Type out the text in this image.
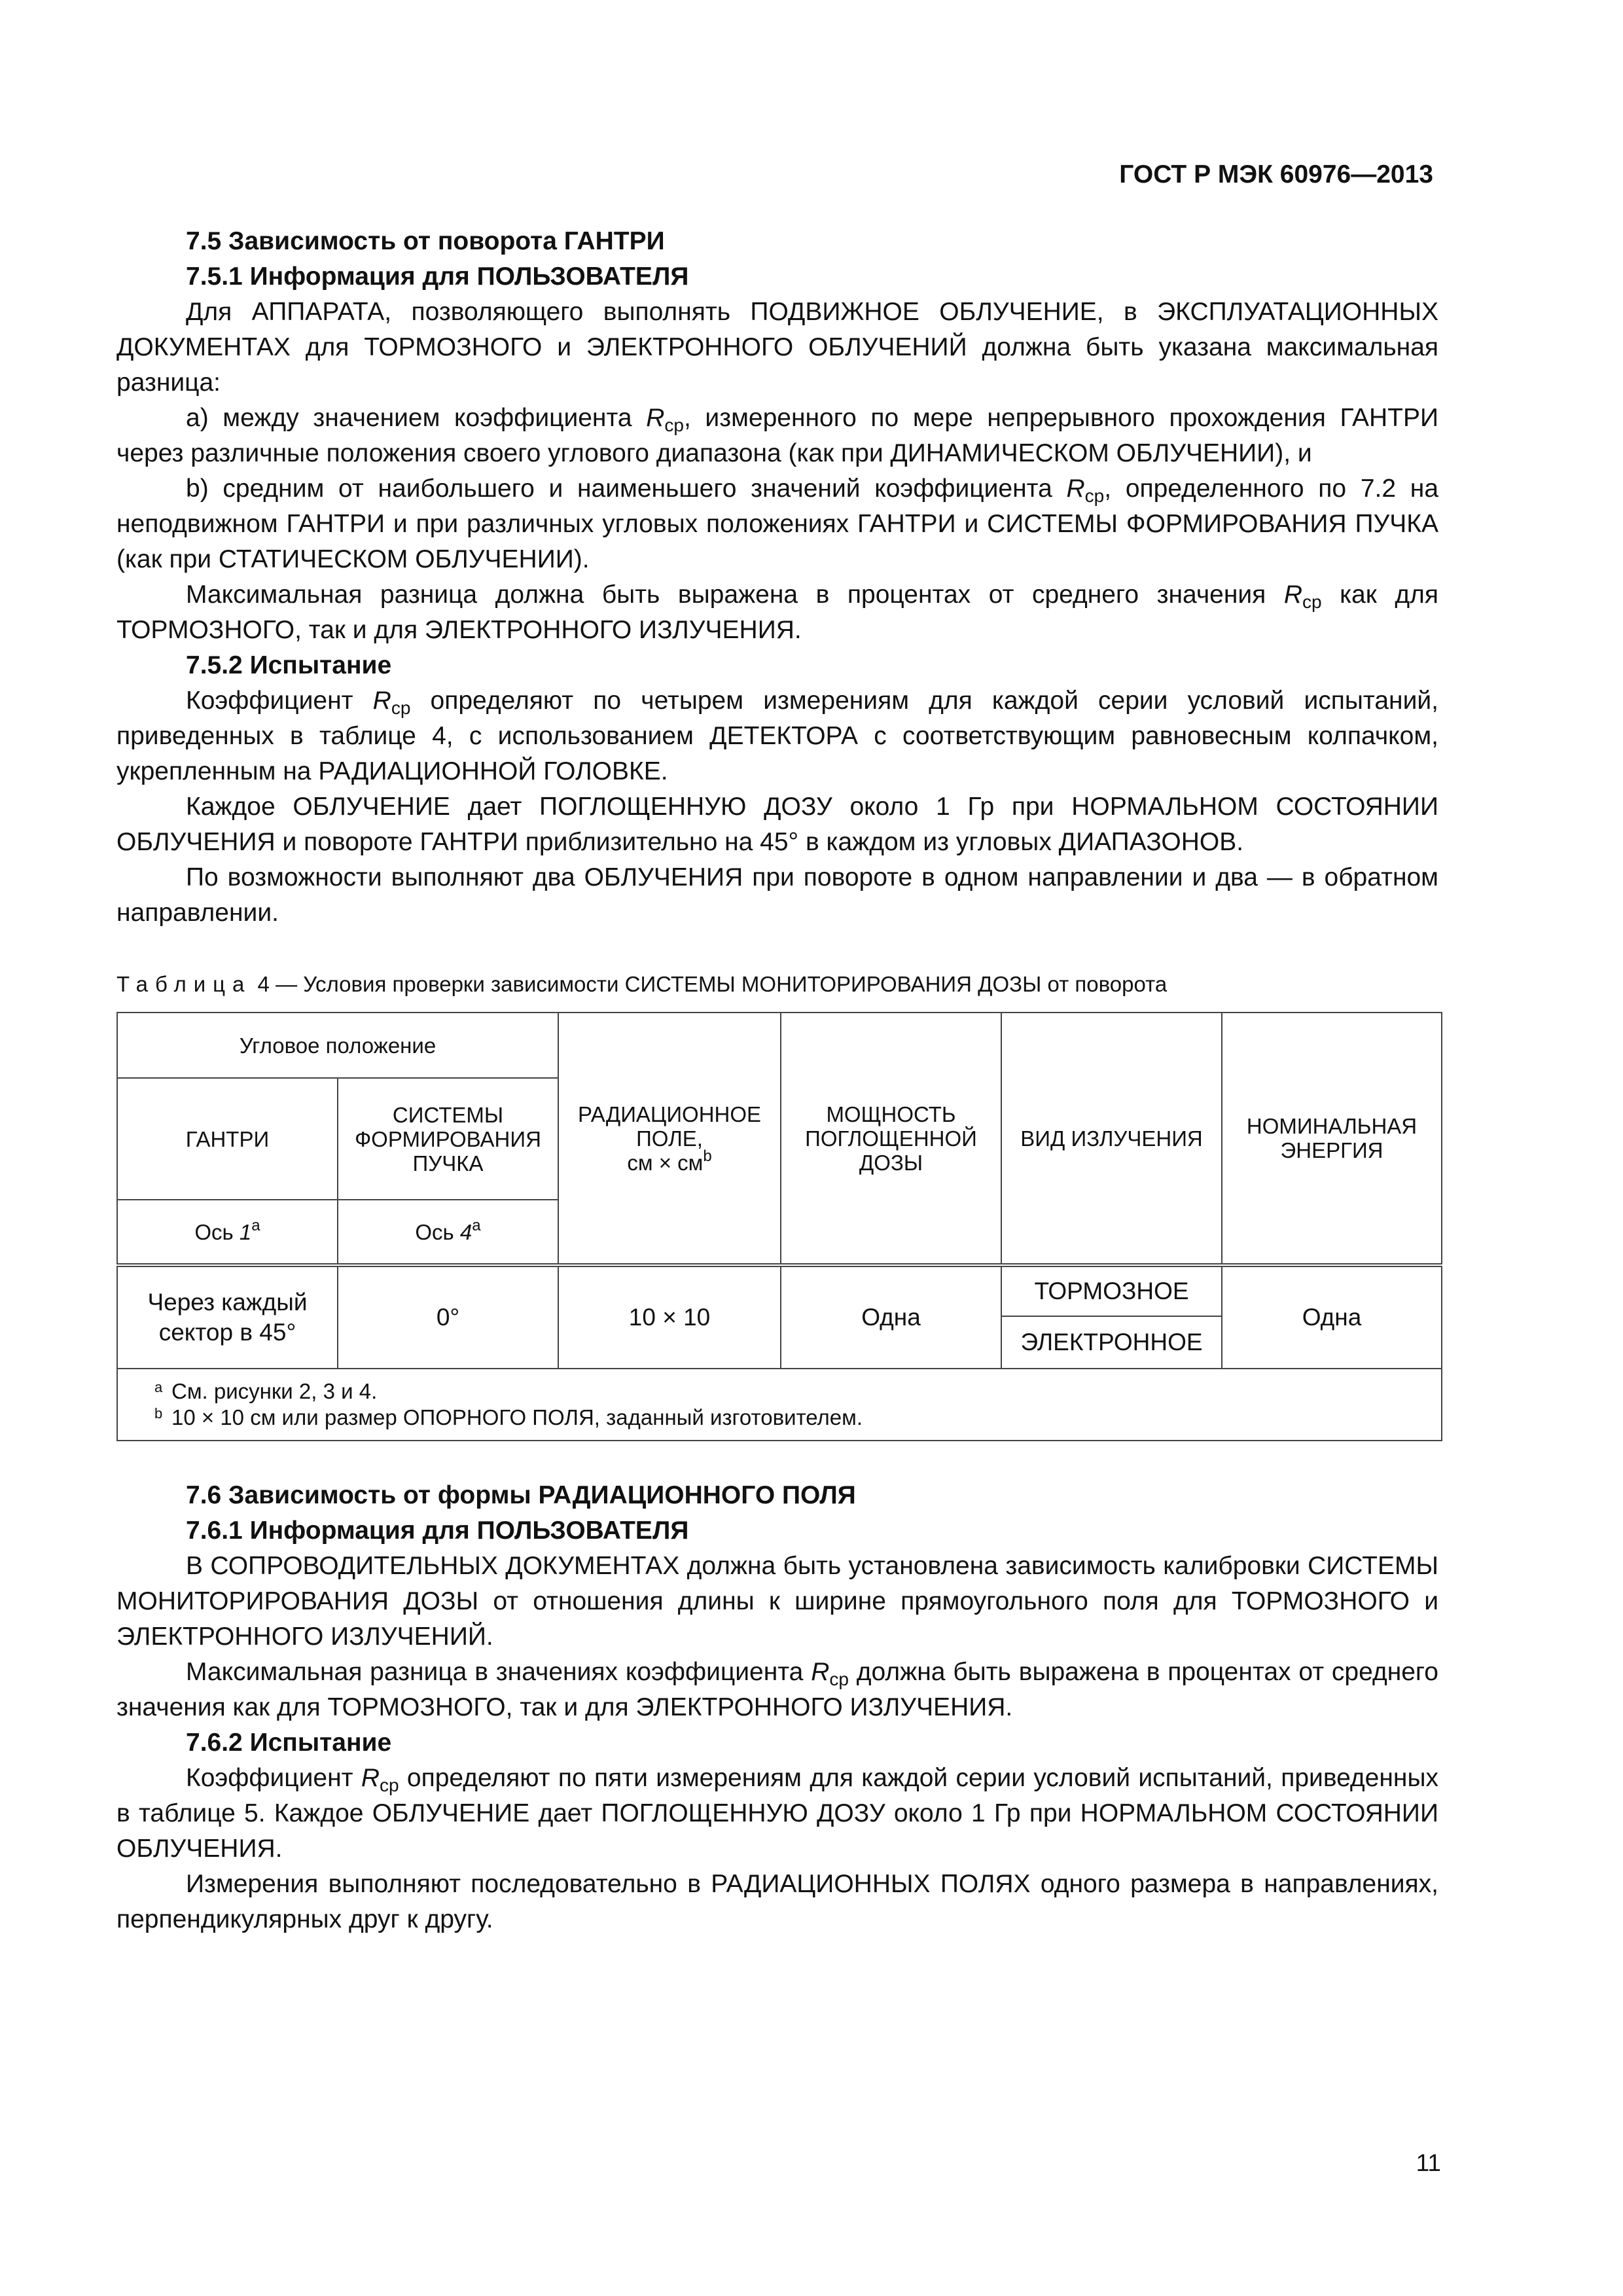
ГОСТ Р МЭК 60976—2013

7.5 Зависимость от поворота ГАНТРИ

7.5.1 Информация для ПОЛЬЗОВАТЕЛЯ

Для АППАРАТА, позволяющего выполнять ПОДВИЖНОЕ ОБЛУЧЕНИЕ, в ЭКСПЛУАТАЦИОННЫХ ДОКУМЕНТАХ для ТОРМОЗНОГО и ЭЛЕКТРОННОГО ОБЛУЧЕНИЙ должна быть указана максимальная разница:

a) между значением коэффициента $R_{ср}$, измеренного по мере непрерывного прохождения ГАНТРИ через различные положения своего углового диапазона (как при ДИНАМИЧЕСКОМ ОБЛУЧЕНИИ), и

b) средним от наибольшего и наименьшего значений коэффициента $R_{ср}$, определенного по 7.2 на неподвижном ГАНТРИ и при различных угловых положениях ГАНТРИ и СИСТЕМЫ ФОРМИРОВАНИЯ ПУЧКА (как при СТАТИЧЕСКОМ ОБЛУЧЕНИИ).

Максимальная разница должна быть выражена в процентах от среднего значения $R_{ср}$ как для ТОРМОЗНОГО, так и для ЭЛЕКТРОННОГО ИЗЛУЧЕНИЯ.

7.5.2 Испытание

Коэффициент $R_{ср}$ определяют по четырем измерениям для каждой серии условий испытаний, приведенных в таблице 4, с использованием ДЕТЕКТОРА с соответствующим равновесным колпачком, укрепленным на РАДИАЦИОННОЙ ГОЛОВКЕ.

Каждое ОБЛУЧЕНИЕ дает ПОГЛОЩЕННУЮ ДОЗУ около 1 Гр при НОРМАЛЬНОМ СОСТОЯНИИ ОБЛУЧЕНИЯ и повороте ГАНТРИ приблизительно на 45° в каждом из угловых ДИАПАЗОНОВ.

По возможности выполняют два ОБЛУЧЕНИЯ при повороте в одном направлении и два — в обратном направлении.

Таблица 4 — Условия проверки зависимости СИСТЕМЫ МОНИТОРИРОВАНИЯ ДОЗЫ от поворота
Угловое положение		РАДИАЦИОННОЕ ПОЛЕ,
см × $см^b$	МОЩНОСТЬ ПОГЛОЩЕННОЙ ДОЗЫ	ВИД ИЗЛУЧЕНИЯ	НОМИНАЛЬНАЯ ЭНЕРГИЯ
ГАНТРИ	СИСТЕМЫ ФОРМИРОВАНИЯ ПУЧКА				
Ось 1$^a$	Ось 4$^a$
Через каждый сектор в 45°	0°	10 × 10	Одна	ТОРМОЗНОЕ	Одна
				ЭЛЕКТРОННОЕ	

a См. рисунки 2, 3 и 4.
b 10 × 10 см или размер ОПОРНОГО ПОЛЯ, заданный изготовителем.					

7.6 Зависимость от формы РАДИАЦИОННОГО ПОЛЯ

7.6.1 Информация для ПОЛЬЗОВАТЕЛЯ

В СОПРОВОДИТЕЛЬНЫХ ДОКУМЕНТАХ должна быть установлена зависимость калибровки СИСТЕМЫ МОНИТОРИРОВАНИЯ ДОЗЫ от отношения длины к ширине прямоугольного поля для ТОРМОЗНОГО и ЭЛЕКТРОННОГО ИЗЛУЧЕНИЙ.

Максимальная разница в значениях коэффициента $R_{ср}$ должна быть выражена в процентах от среднего значения как для ТОРМОЗНОГО, так и для ЭЛЕКТРОННОГО ИЗЛУЧЕНИЯ.

7.6.2 Испытание

Коэффициент $R_{ср}$ определяют по пяти измерениям для каждой серии условий испытаний, приведенных в таблице 5. Каждое ОБЛУЧЕНИЕ дает ПОГЛОЩЕННУЮ ДОЗУ около 1 Гр при НОРМАЛЬНОМ СОСТОЯНИИ ОБЛУЧЕНИЯ.

Измерения выполняют последовательно в РАДИАЦИОННЫХ ПОЛЯХ одного размера в направлениях, перпендикулярных друг к другу.

11
